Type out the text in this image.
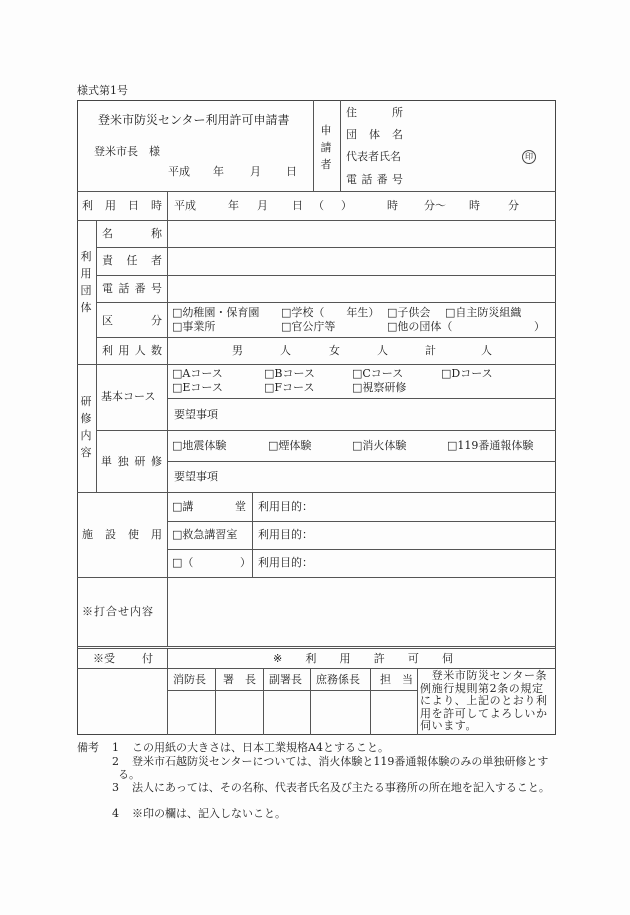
様式第1号
登米市防災センター利用許可申請書
登米市長　様
平成 年 月 日
申請者
住	所
団 体 名
代表者氏名
電 話 番 号
印
利 用 日 時 平成	年 月 日 （ ）	時 分～ 時	分
利用団体
名	称
責 任 者
電 話 番 号
区	分
□幼稚園・保育園 □学校（　　年生） □子供会 □自主防災組織
□事業所	□官公庁等	□他の団体（	）
利 用 人 数	男	人	女	人	計	人
研修内容
基本コース
□Aコース	□Bコース	□Cコース	□Dコース
□Eコース	□Fコース	□視察研修
要望事項
単 独 研 修
□地震体験	□煙体験	□消火体験	□119番通報体験
要望事項
施 設 使 用
□講	堂 利用目的：
□救急講習室 利用目的：
□（	） 利用目的：
※打合せ内容
※受 付	※ 利 用 許 可 伺
消防長 署　長 副署長 庶務係長 担　当 　登米市防災センター条例施行規則第2条の規定により、上記のとおり利用を許可してよろしいか伺います。
備考 1 この用紙の大きさは、日本工業規格A4とすること。
2	登米市石越防災センターについては、消火体験と119番通報体験のみの単独研修とする。
3	法人にあっては、その名称、代表者氏名及び主たる事務所の所在地を記入すること。
4 ※印の欄は、記入しないこと。
